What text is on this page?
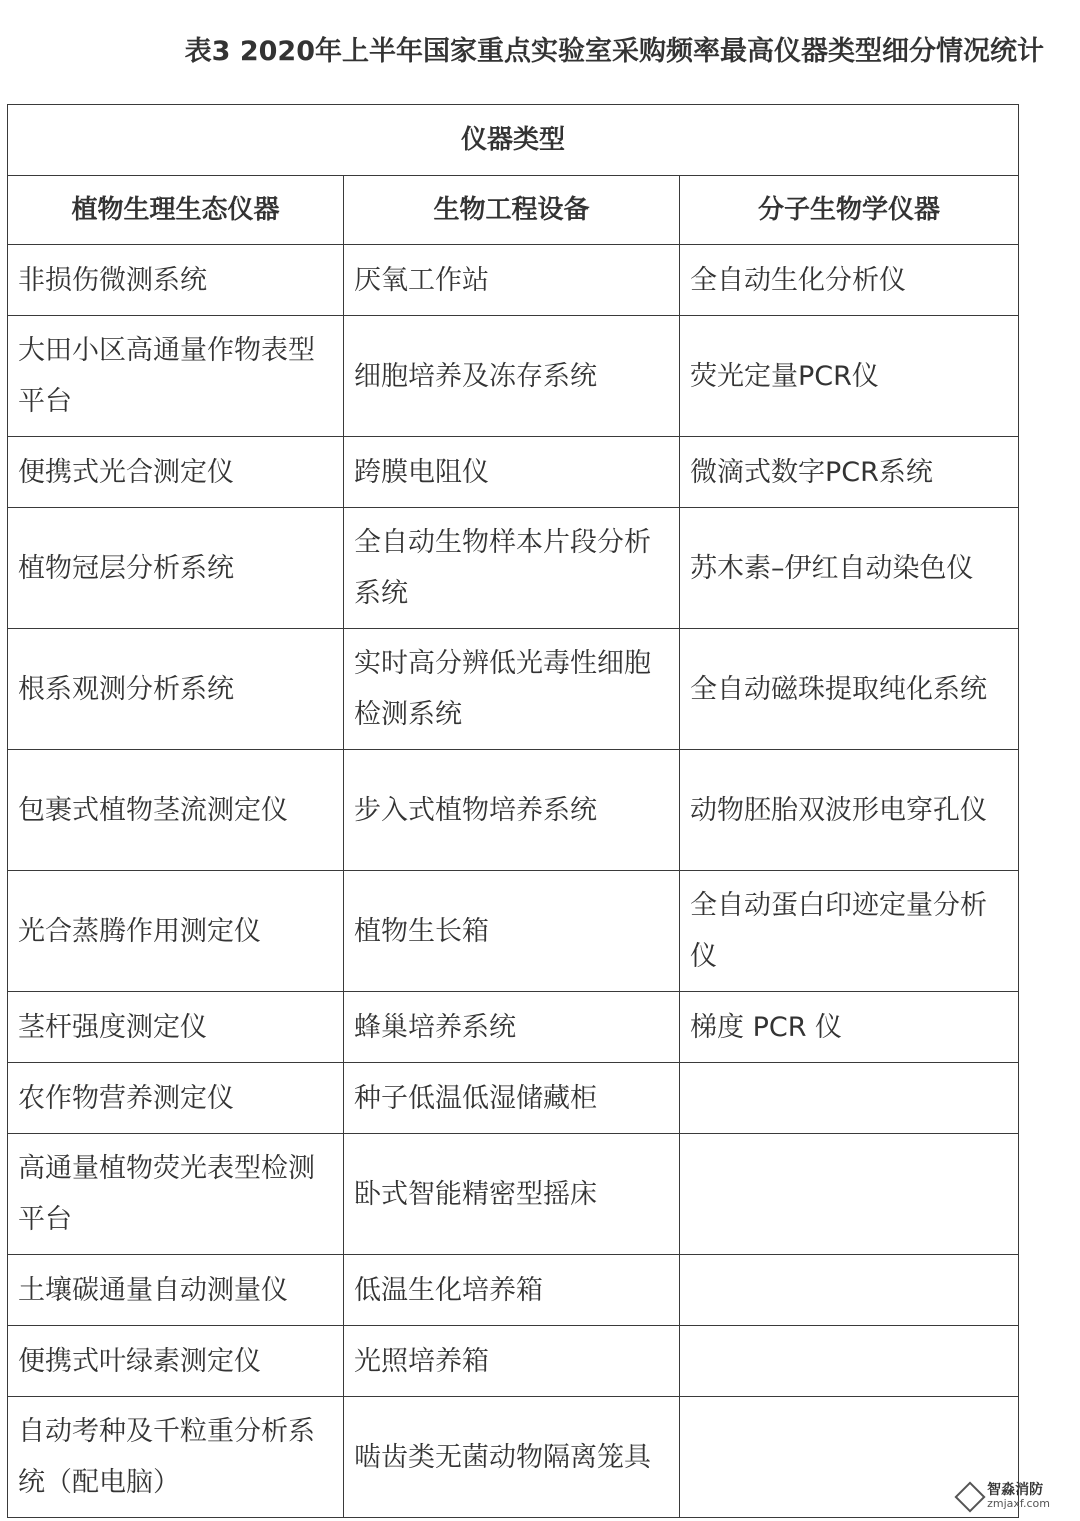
表3 2020年上半年国家重点实验室采购频率最高仪器类型细分情况统计
仪器类型		
植物生理生态仪器	生物工程设备	分子生物学仪器
非损伤微测系统	厌氧工作站	全自动生化分析仪
大田小区高通量作物表型平台	细胞培养及冻存系统	荧光定量PCR仪
便携式光合测定仪	跨膜电阻仪	微滴式数字PCR系统
植物冠层分析系统	全自动生物样本片段分析系统	苏木素–伊红自动染色仪
根系观测分析系统	实时高分辨低光毒性细胞检测系统	全自动磁珠提取纯化系统
包裹式植物茎流测定仪	步入式植物培养系统	动物胚胎双波形电穿孔仪
光合蒸腾作用测定仪	植物生长箱	全自动蛋白印迹定量分析仪
茎杆强度测定仪	蜂巢培养系统	梯度 PCR 仪
农作物营养测定仪	种子低温低湿储藏柜	
高通量植物荧光表型检测平台	卧式智能精密型摇床	
土壤碳通量自动测量仪	低温生化培养箱	
便携式叶绿素测定仪	光照培养箱	
自动考种及千粒重分析系统（配电脑）	啮齿类无菌动物隔离笼具	
智淼消防
zmjaxf.com
